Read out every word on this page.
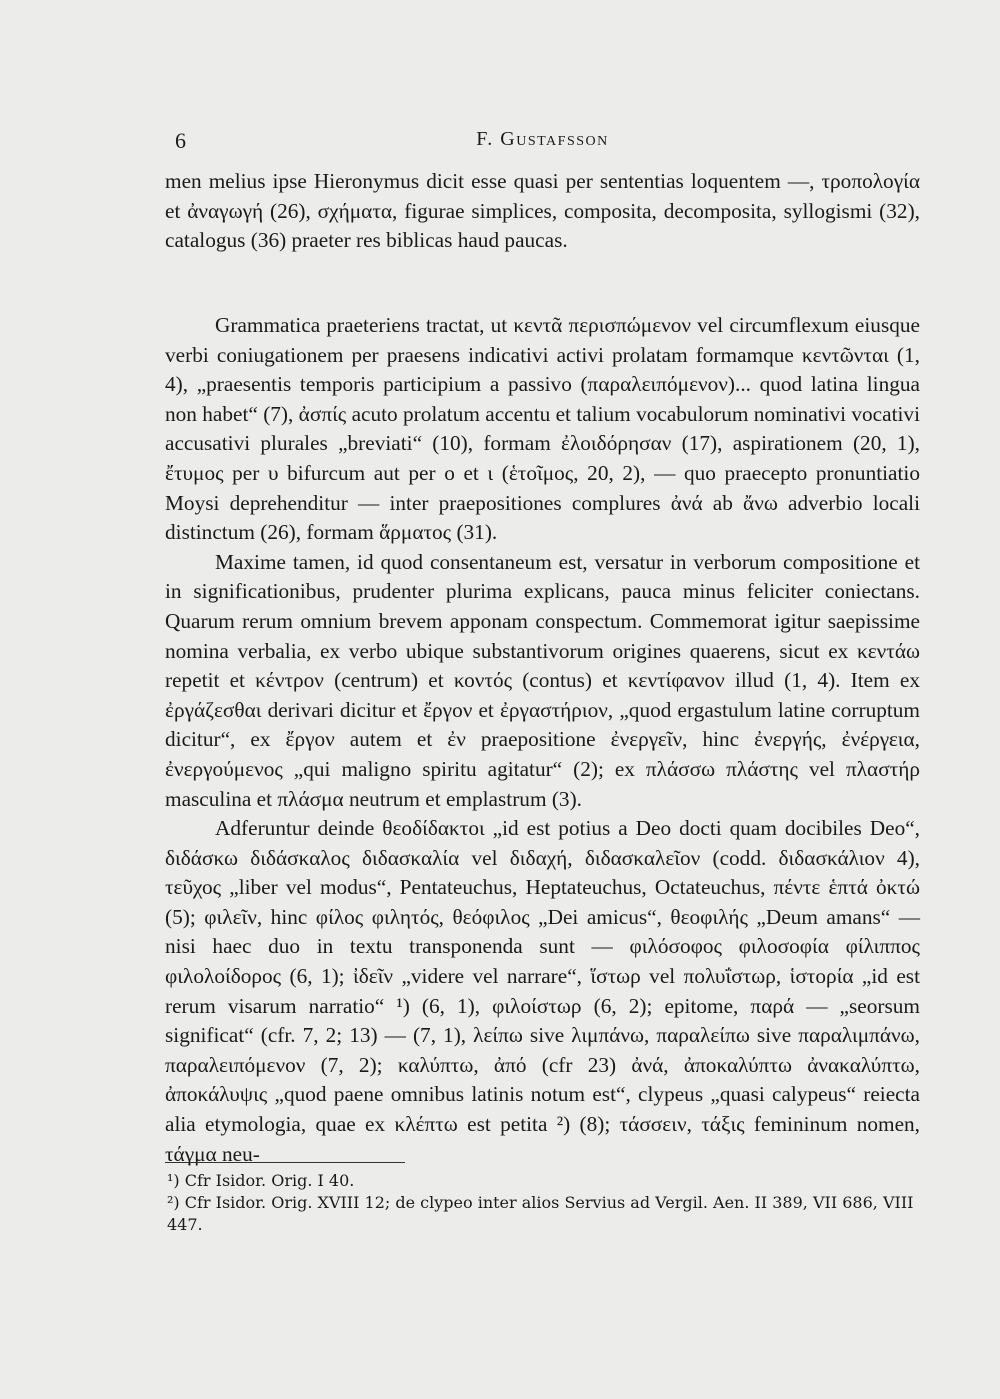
6	F. Gustafsson

men melius ipse Hieronymus dicit esse quasi per sententias loquentem —, τροπολογία et ἀναγωγή (26), σχήματα, figurae simplices, composita, decomposita, syllogismi (32), catalogus (36) praeter res biblicas haud paucas.

Grammatica praeteriens tractat, ut κεντᾶ περισπώμενον vel circumflexum eiusque verbi coniugationem per praesens indicativi activi prolatam formamque κεντῶνται (1, 4), „praesentis temporis participium a passivo (παραλειπόμενον)... quod latina lingua non habet“ (7), ἀσπίς acuto prolatum accentu et talium vocabulorum nominativi vocativi accusativi plurales „breviati“ (10), formam ἐλοιδόρησαν (17), aspirationem (20, 1), ἔτυμος per υ bifurcum aut per ο et ι (ἑτοῖμος, 20, 2), — quo praecepto pronuntiatio Moysi deprehenditur — inter praepositiones complures ἀνά ab ἄνω adverbio locali distinctum (26), formam ἅρματος (31).

Maxime tamen, id quod consentaneum est, versatur in verborum compositione et in significationibus, prudenter plurima explicans, pauca minus feliciter coniectans. Quarum rerum omnium brevem apponam conspectum. Commemorat igitur saepissime nomina verbalia, ex verbo ubique substantivorum origines quaerens, sicut ex κεντάω repetit et κέντρον (centrum) et κοντός (contus) et κεντίφανον illud (1, 4). Item ex ἐργάζεσθαι derivari dicitur et ἔργον et ἐργαστήριον, „quod ergastulum latine corruptum dicitur“, ex ἔργον autem et ἐν praepositione ἐνεργεῖν, hinc ἐνεργής, ἐνέργεια, ἐνεργούμενος „qui maligno spiritu agitatur“ (2); ex πλάσσω πλάστης vel πλαστήρ masculina et πλάσμα neutrum et emplastrum (3).

Adferuntur deinde θεοδίδακτοι „id est potius a Deo docti quam docibiles Deo“, διδάσκω διδάσκαλος διδασκαλία vel διδαχή, διδασκαλεῖον (codd. διδασκάλιον 4), τεῦχος „liber vel modus“, Pentateuchus, Heptateuchus, Octateuchus, πέντε ἑπτά ὀκτώ (5); φιλεῖν, hinc φίλος φιλητός, θεόφιλος „Dei amicus“, θεοφιλής „Deum amans“ — nisi haec duo in textu transponenda sunt — φιλόσοφος φιλοσοφία φίλιππος φιλολοίδορος (6, 1); ἰδεῖν „videre vel narrare“, ἵστωρ vel πολυΐστωρ, ἱστορία „id est rerum visarum narratio“ ¹) (6, 1), φιλοίστωρ (6, 2); epitome, παρά — „seorsum significat“ (cfr. 7, 2; 13) — (7, 1), λείπω sive λιμπάνω, παραλείπω sive παραλιμπάνω, παραλειπόμενον (7, 2); καλύπτω, ἀπό (cfr 23) ἀνά, ἀποκαλύπτω ἀνακαλύπτω, ἀποκάλυψις „quod paene omnibus latinis notum est“, clypeus „quasi calypeus“ reiecta alia etymologia, quae ex κλέπτω est petita ²) (8); τάσσειν, τάξις femininum nomen, τάγμα neu-

¹) Cfr Isidor. Orig. I 40.

²) Cfr Isidor. Orig. XVIII 12; de clypeo inter alios Servius ad Vergil. Aen. II 389, VII 686, VIII 447.
